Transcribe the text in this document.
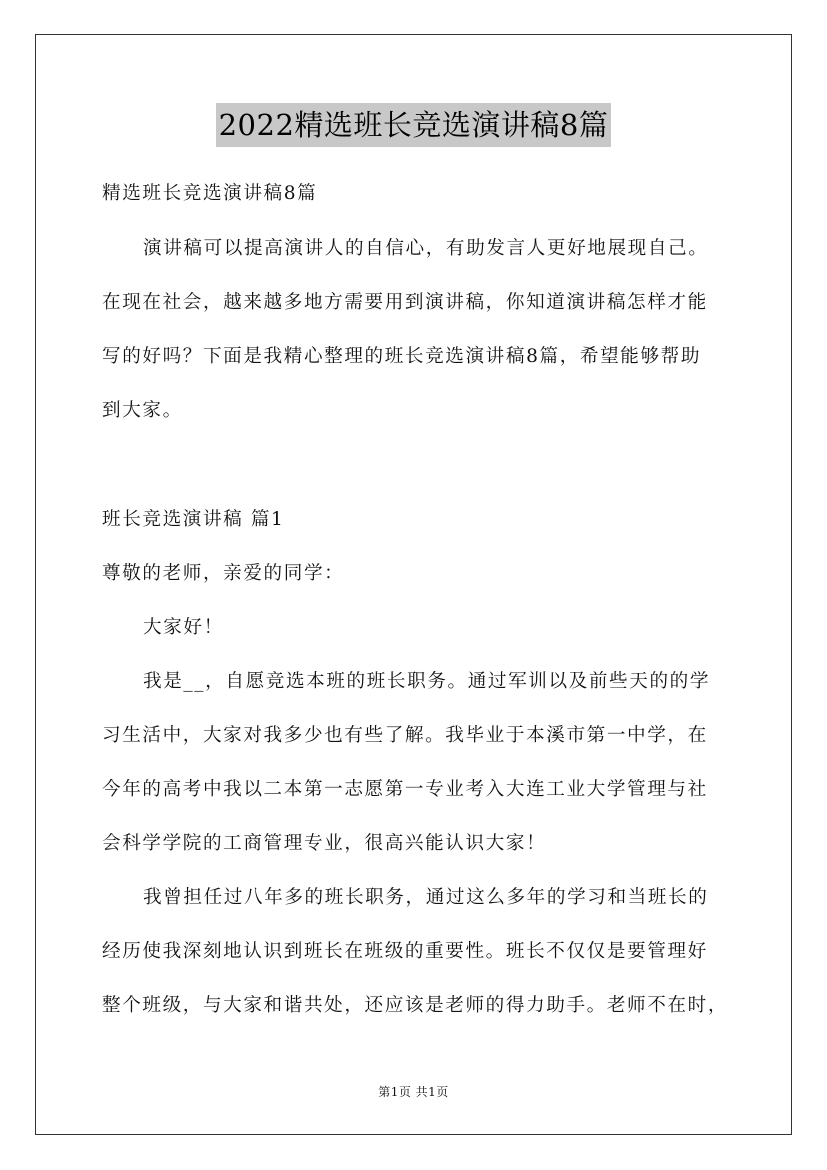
2022精选班长竞选演讲稿8篇
精选班长竞选演讲稿8篇
演讲稿可以提高演讲人的自信心，有助发言人更好地展现自己。
在现在社会，越来越多地方需要用到演讲稿，你知道演讲稿怎样才能
写的好吗？下面是我精心整理的班长竞选演讲稿8篇，希望能够帮助
到大家。
班长竞选演讲稿 篇1
尊敬的老师，亲爱的同学：
大家好！
我是__，自愿竞选本班的班长职务。通过军训以及前些天的的学
习生活中，大家对我多少也有些了解。我毕业于本溪市第一中学，在
今年的高考中我以二本第一志愿第一专业考入大连工业大学管理与社
会科学学院的工商管理专业，很高兴能认识大家！
我曾担任过八年多的班长职务，通过这么多年的学习和当班长的
经历使我深刻地认识到班长在班级的重要性。班长不仅仅是要管理好
整个班级，与大家和谐共处，还应该是老师的得力助手。老师不在时，
第1页 共1页
